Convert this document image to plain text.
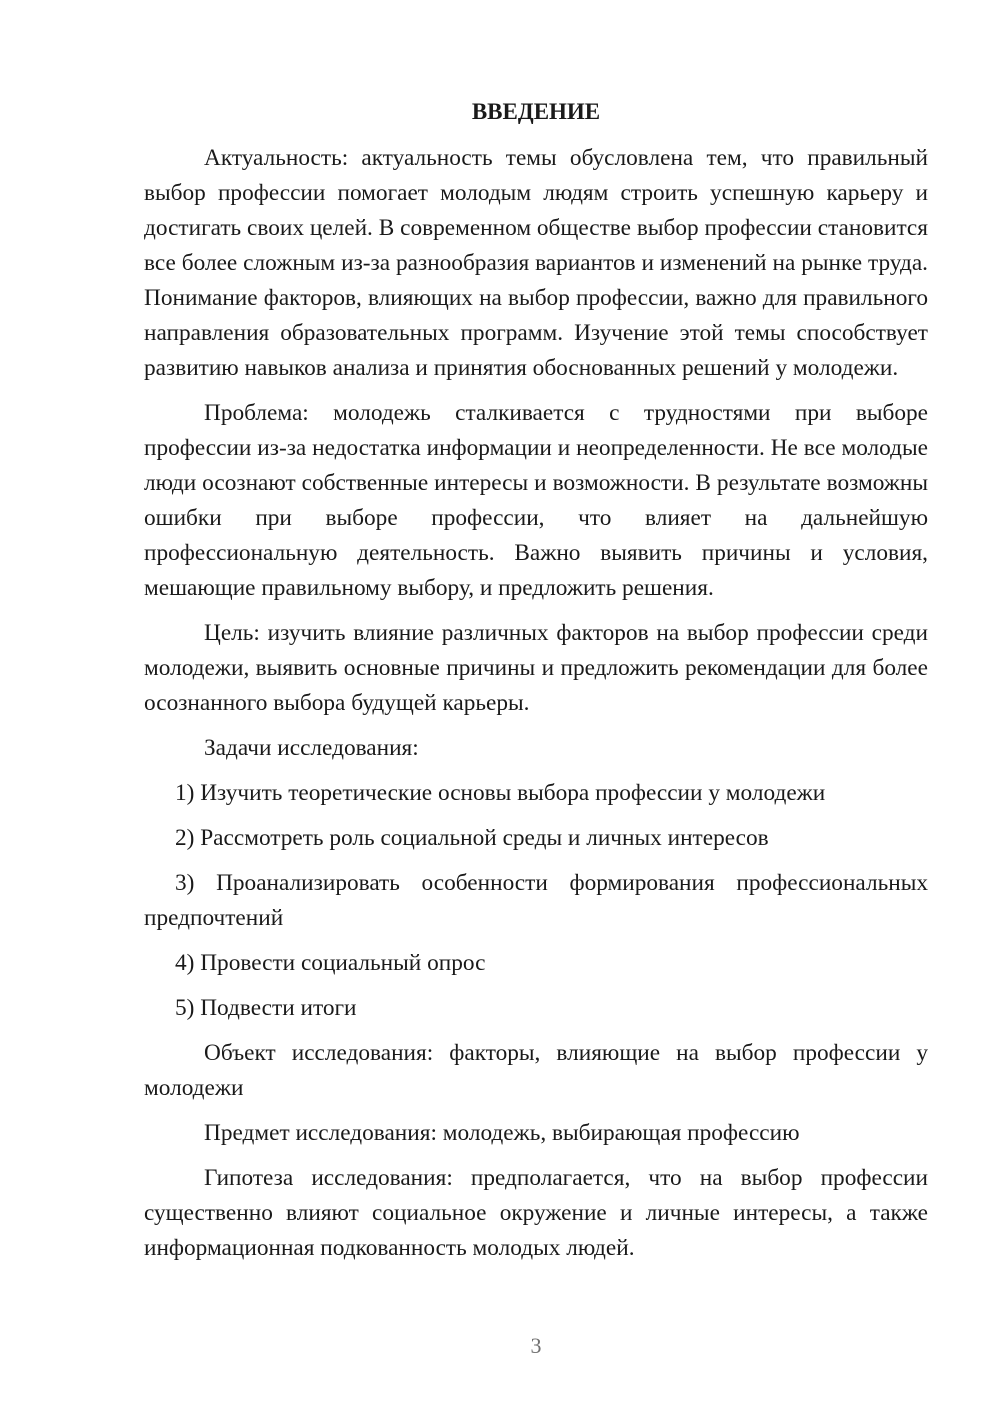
ВВЕДЕНИЕ

Актуальность: актуальность темы обусловлена тем, что правильный выбор профессии помогает молодым людям строить успешную карьеру и достигать своих целей. В современном обществе выбор профессии становится все более сложным из-за разнообразия вариантов и изменений на рынке труда. Понимание факторов, влияющих на выбор профессии, важно для правильного направления образовательных программ. Изучение этой темы способствует развитию навыков анализа и принятия обоснованных решений у молодежи.

Проблема: молодежь сталкивается с трудностями при выборе профессии из-за недостатка информации и неопределенности. Не все молодые люди осознают собственные интересы и возможности. В результате возможны ошибки при выборе профессии, что влияет на дальнейшую профессиональную деятельность. Важно выявить причины и условия, мешающие правильному выбору, и предложить решения.

Цель: изучить влияние различных факторов на выбор профессии среди молодежи, выявить основные причины и предложить рекомендации для более осознанного выбора будущей карьеры.

Задачи исследования:

1) Изучить теоретические основы выбора профессии у молодежи

2) Рассмотреть роль социальной среды и личных интересов

3) Проанализировать особенности формирования профессиональных предпочтений

4) Провести социальный опрос

5) Подвести итоги

Объект исследования: факторы, влияющие на выбор профессии у молодежи

Предмет исследования: молодежь, выбирающая профессию

Гипотеза исследования: предполагается, что на выбор профессии существенно влияют социальное окружение и личные интересы, а также информационная подкованность молодых людей.

3
